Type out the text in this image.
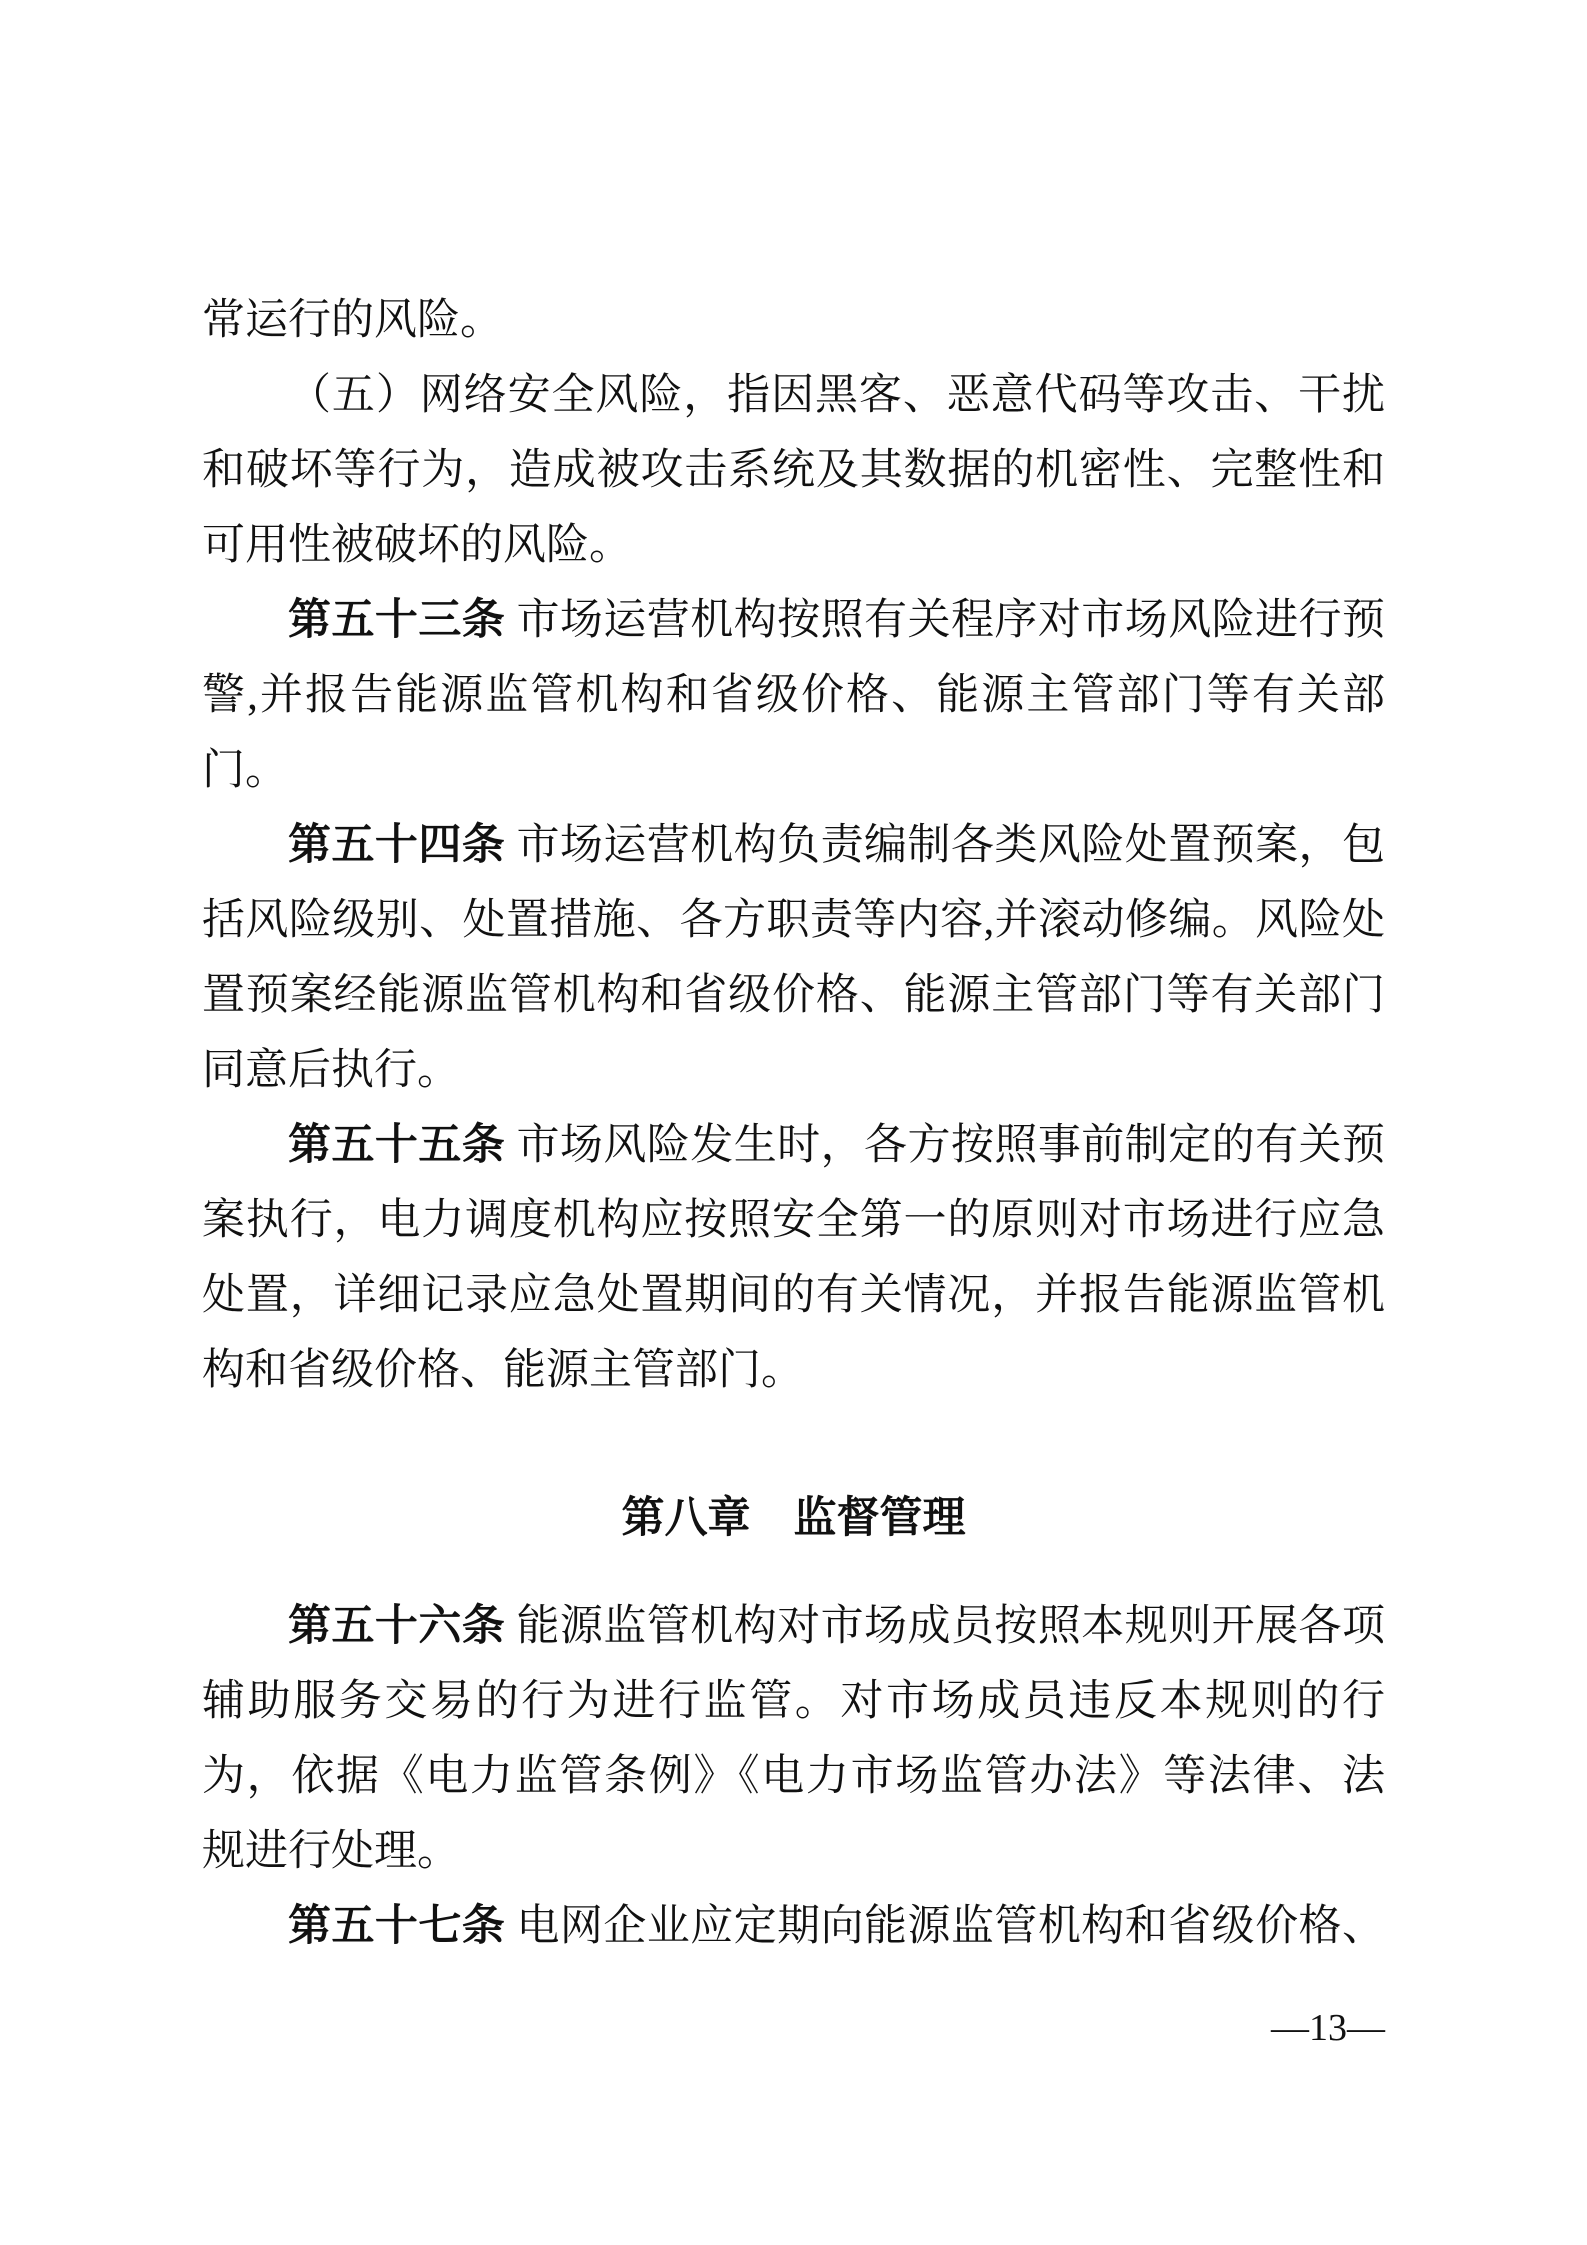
常运行的风险。

（五）网络安全风险，指因黑客、恶意代码等攻击、干扰

和破坏等行为，造成被攻击系统及其数据的机密性、完整性和

可用性被破坏的风险。

第五十三条 市场运营机构按照有关程序对市场风险进行预

警,并报告能源监管机构和省级价格、能源主管部门等有关部

门。

第五十四条 市场运营机构负责编制各类风险处置预案，包

括风险级别、处置措施、各方职责等内容,并滚动修编。风险处

置预案经能源监管机构和省级价格、能源主管部门等有关部门

同意后执行。

第五十五条 市场风险发生时，各方按照事前制定的有关预

案执行，电力调度机构应按照安全第一的原则对市场进行应急

处置，详细记录应急处置期间的有关情况，并报告能源监管机

构和省级价格、能源主管部门。

第八章　监督管理

第五十六条 能源监管机构对市场成员按照本规则开展各项

辅助服务交易的行为进行监管。对市场成员违反本规则的行

为，依据《电力监管条例》《电力市场监管办法》等法律、法

规进行处理。

第五十七条 电网企业应定期向能源监管机构和省级价格、

—13—
